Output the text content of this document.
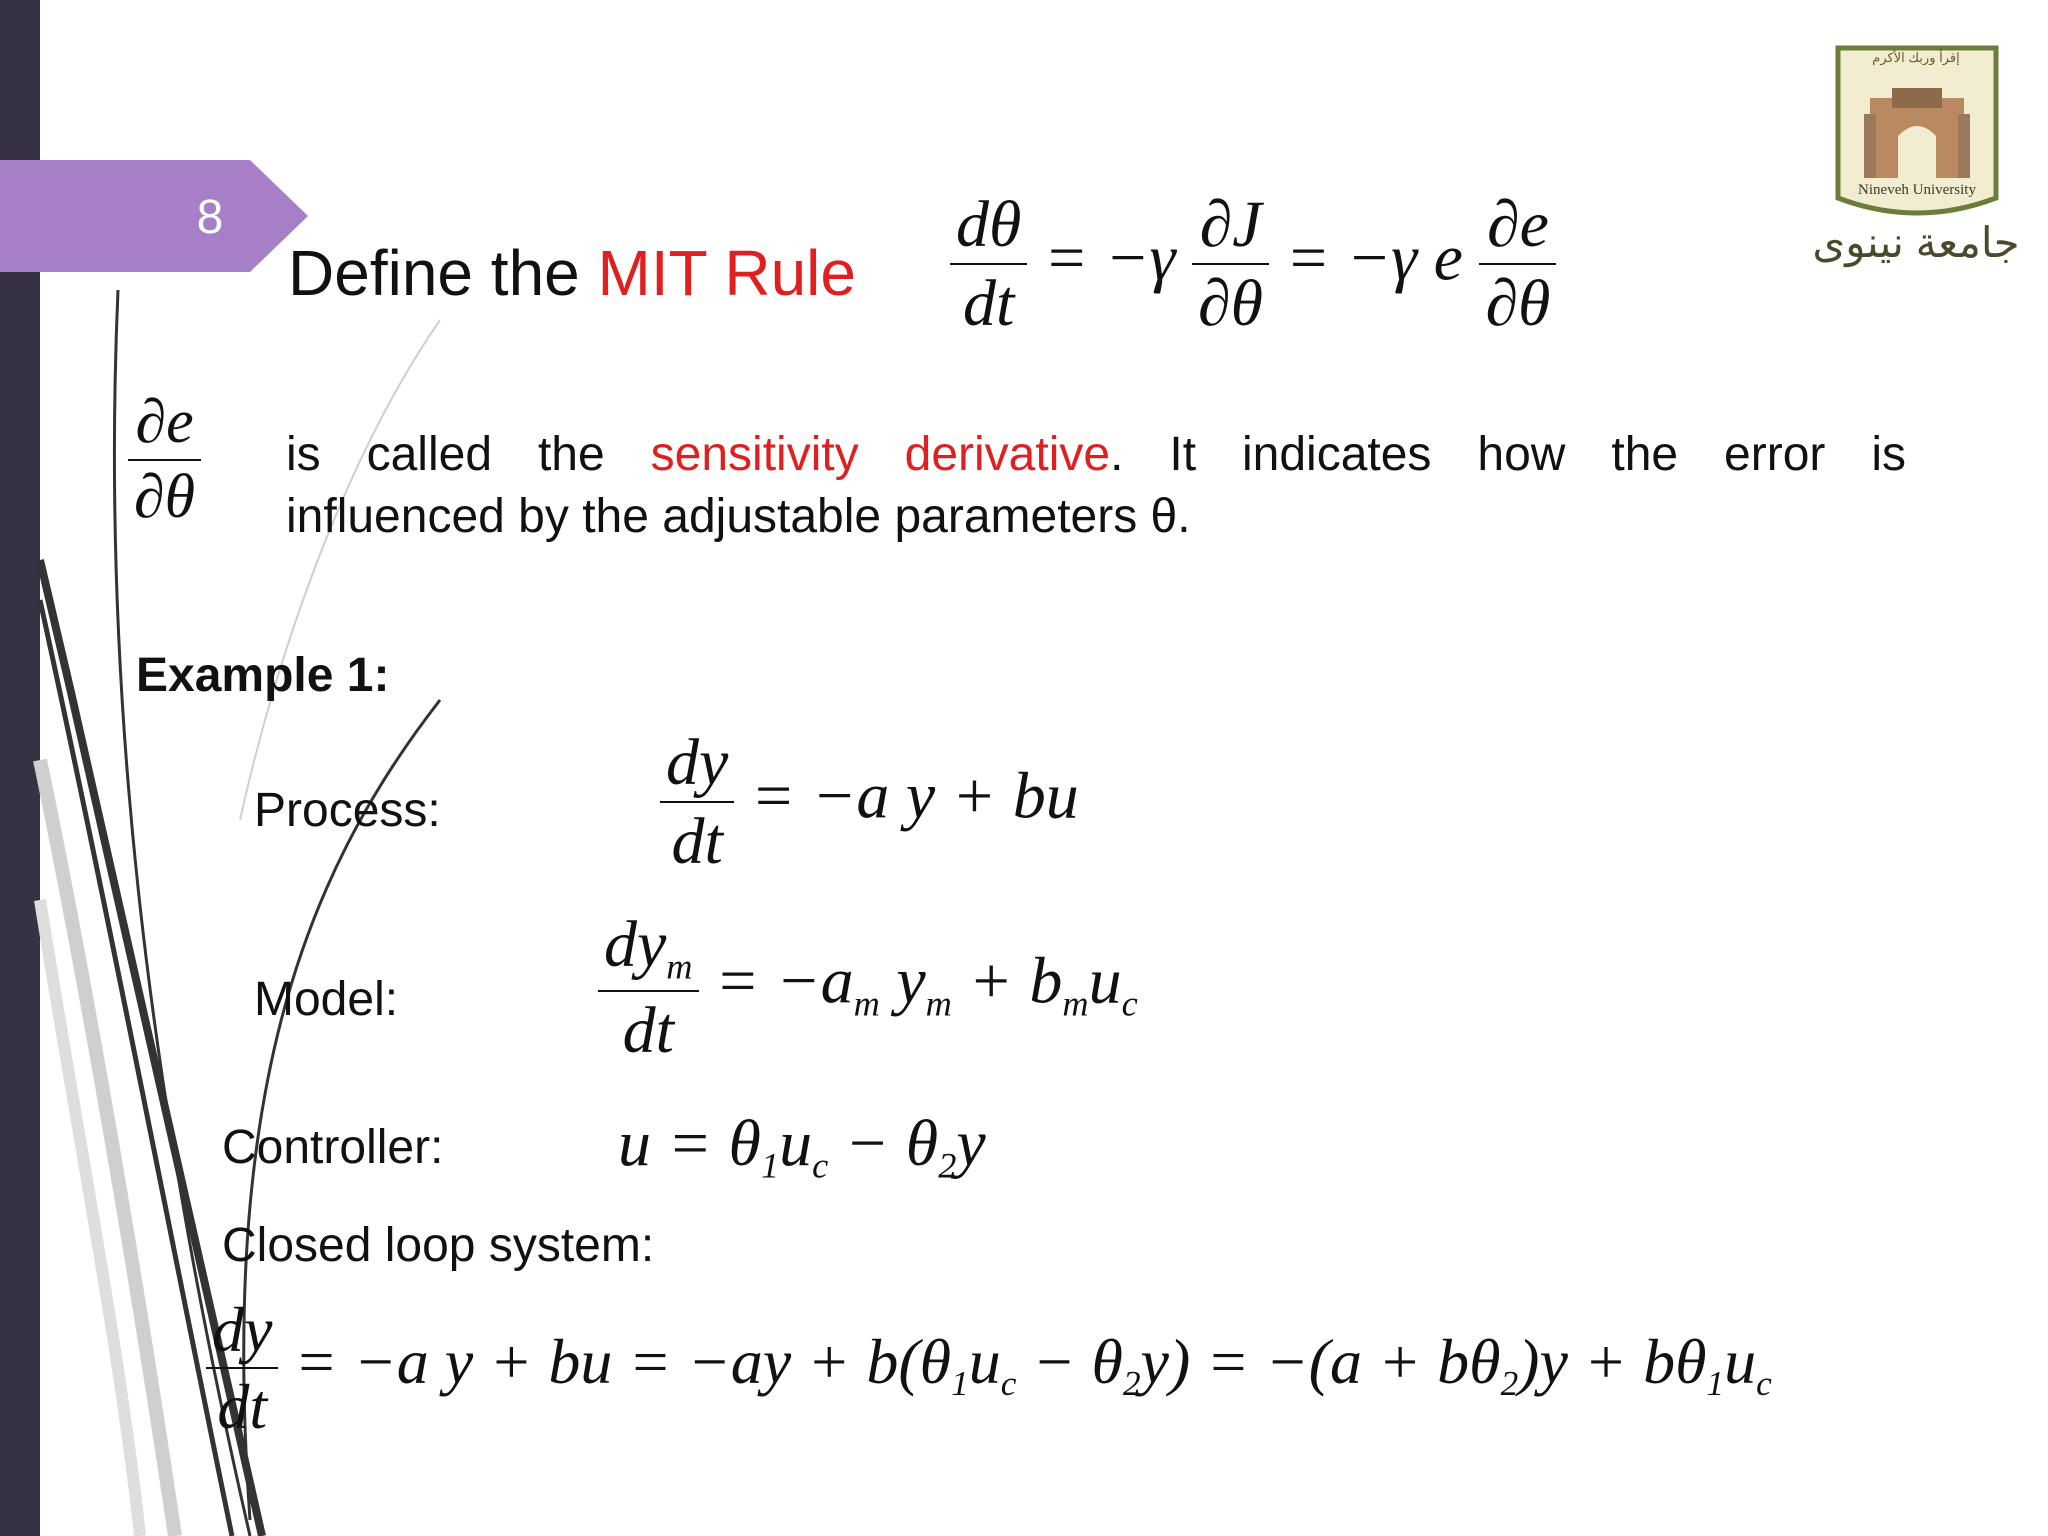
8
Define the MIT Rule $\frac{d\theta}{dt} = -\gamma \frac{\partial J}{\partial\theta} = -\gamma$ e $\frac{\partial e}{\partial\theta}$
$\frac{\partial e}{\partial\theta}$ is called the sensitivity derivative. It indicates how the error is
influenced by the adjustable parameters θ.
Example 1:
Process:	$\frac{dy}{dt} = -a$ y + bu
Model:	$\frac{dy_m}{dt} = -a_m$ $y_m + b_mu_c$
Controller:	$u = \theta_1u_c - \theta_2y$
Closed loop system:
$\frac{dy}{dt} = -a$ y + bu = $-ay + b(\theta_1u_c - \theta_2y) = -(a + b\theta_2)y + b\theta_1u_c$
إقرأ وربك الأكرم
Nineveh University
جامعة نينوى
